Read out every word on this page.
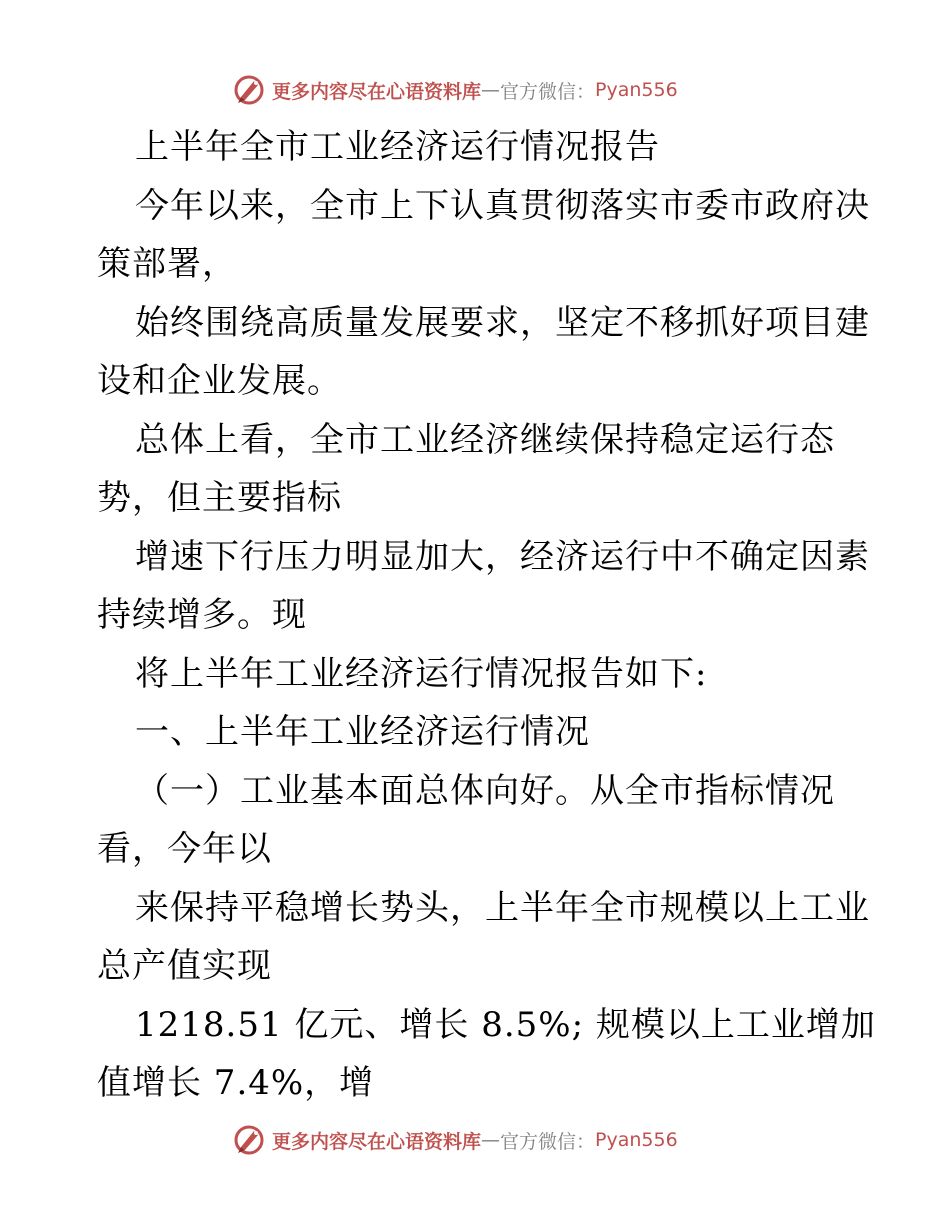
更多内容尽在心语资料库 — 官方微信： Pyan556
上半年全市工业经济运行情况报告
今年以来，全市上下认真贯彻落实市委市政府决
策部署，
始终围绕高质量发展要求，坚定不移抓好项目建
设和企业发展。
总体上看，全市工业经济继续保持稳定运行态
势，但主要指标
增速下行压力明显加大，经济运行中不确定因素
持续增多。现
将上半年工业经济运行情况报告如下:
一、上半年工业经济运行情况
（一）工业基本面总体向好。从全市指标情况
看，今年以
来保持平稳增长势头，上半年全市规模以上工业
总产值实现
1218.51 亿元、增长 8.5%; 规模以上工业增加
值增长 7.4%，增
更多内容尽在心语资料库 — 官方微信： Pyan556
